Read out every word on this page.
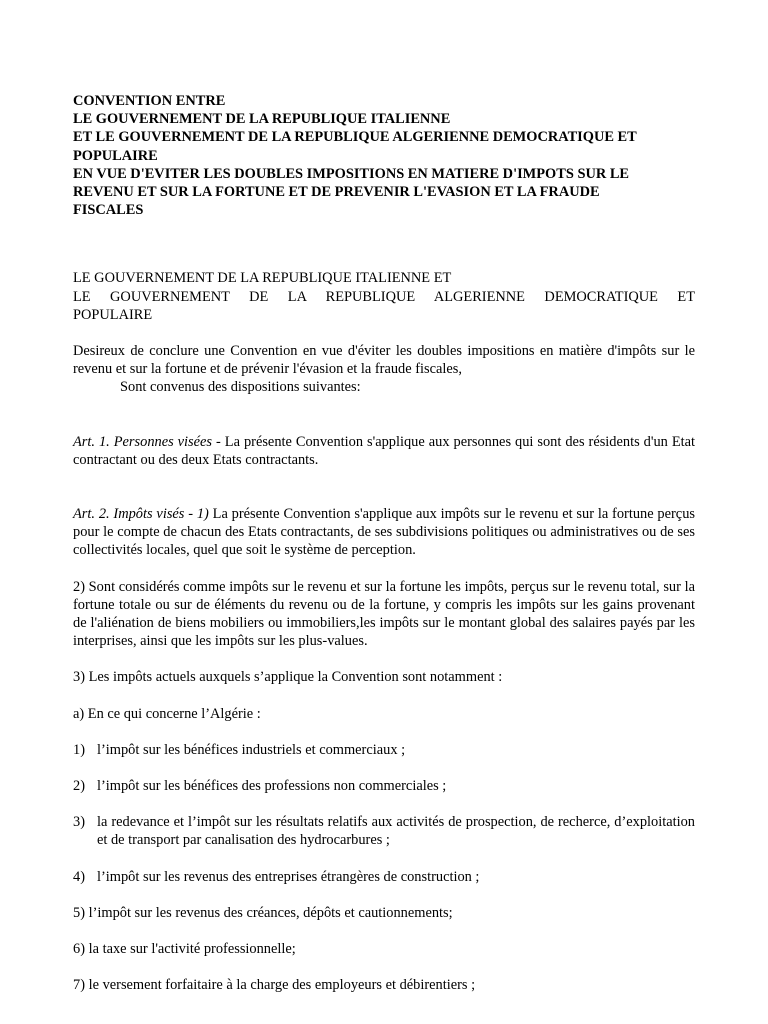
CONVENTION ENTRE
LE GOUVERNEMENT DE LA REPUBLIQUE ITALIENNE
ET LE GOUVERNEMENT DE LA REPUBLIQUE ALGERIENNE DEMOCRATIQUE ET
POPULAIRE
EN VUE D'EVITER LES DOUBLES IMPOSITIONS EN MATIERE D'IMPOTS SUR LE
REVENU ET SUR LA FORTUNE ET DE PREVENIR L'EVASION ET LA FRAUDE
FISCALES
LE GOUVERNEMENT DE LA REPUBLIQUE ITALIENNE ET
LE GOUVERNEMENT DE LA REPUBLIQUE ALGERIENNE DEMOCRATIQUE ET
POPULAIRE

Desireux de conclure une Convention en vue d'éviter les doubles impositions en matière d'impôts sur le revenu et sur la fortune et de prévenir l'évasion et la fraude fiscales,

Sont convenus des dispositions suivantes:

Art. 1. Personnes visées - La présente Convention s'applique aux personnes qui sont des résidents d'un Etat contractant ou des deux Etats contractants.

Art. 2. Impôts visés - 1) La présente Convention s'applique aux impôts sur le revenu et sur la fortune perçus pour le compte de chacun des Etats contractants, de ses subdivisions politiques ou administratives ou de ses collectivités locales, quel que soit le système de perception.

2) Sont considérés comme impôts sur le revenu et sur la fortune les impôts, perçus sur le revenu total, sur la fortune totale ou sur de éléments du revenu ou de la fortune, y compris les impôts sur les gains provenant de l'aliénation de biens mobiliers ou immobiliers,les impôts sur le montant global des salaires payés par les interprises, ainsi que les impôts sur les plus-values.

3) Les impôts actuels auxquels s’applique la Convention sont notamment :

a) En ce qui concerne l’Algérie :

1) l’impôt sur les bénéfices industriels et commerciaux ;
2) l’impôt sur les bénéfices des professions non commerciales ;
3) la redevance et l’impôt sur les résultats relatifs aux activités de prospection, de recherce, d’exploitation et de transport par canalisation des hydrocarbures ;
4) l’impôt sur les revenus des entreprises étrangères de construction ;

5) l’impôt sur les revenus des créances, dépôts et cautionnements;

6) la taxe sur l'activité professionnelle;

7) le versement forfaitaire à la charge des employeurs et débirentiers ;
